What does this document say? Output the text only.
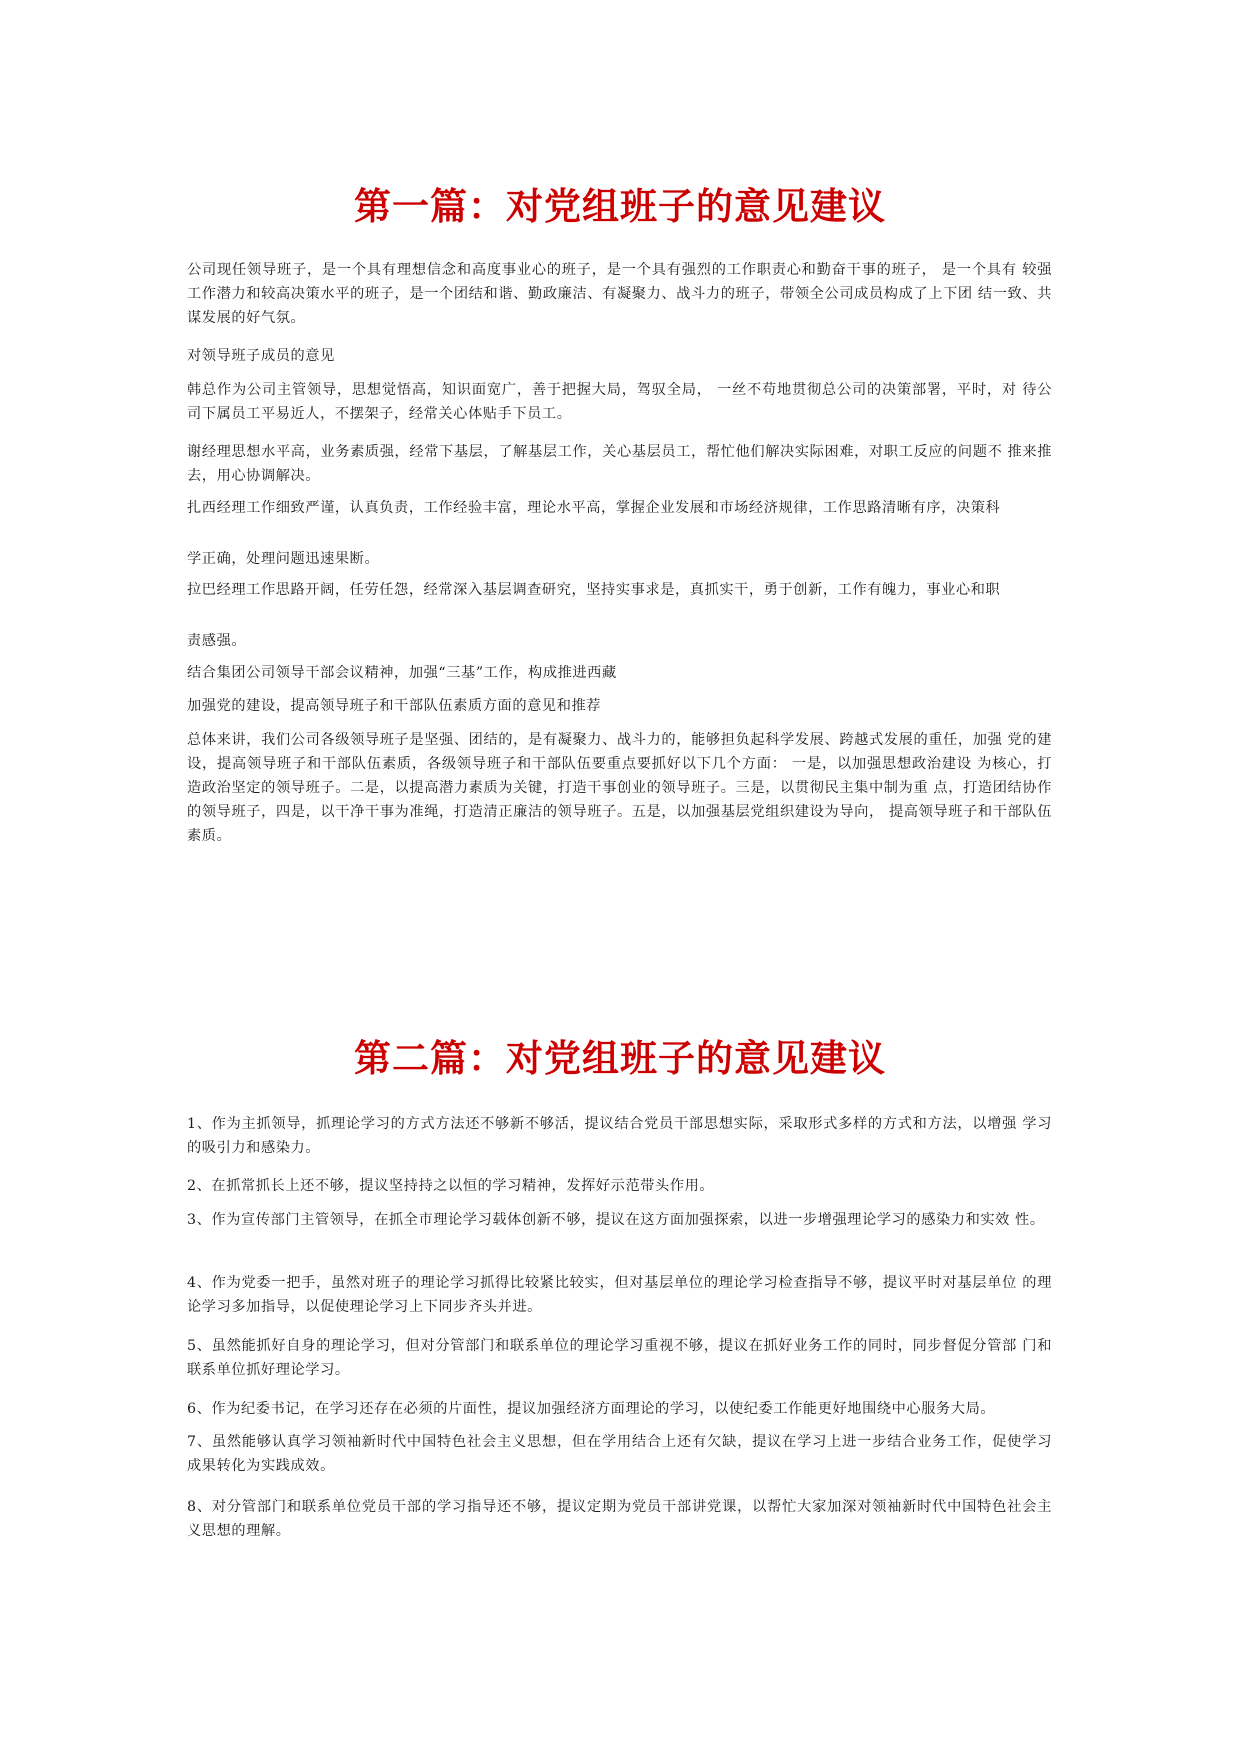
第一篇：对党组班子的意见建议

公司现任领导班子，是一个具有理想信念和高度事业心的班子，是一个具有强烈的工作职责心和勤奋干事的班子， 是一个具有 较强工作潜力和较高决策水平的班子，是一个团结和谐、勤政廉洁、有凝聚力、战斗力的班子，带领全公司成员构成了上下团 结一致、共谋发展的好气氛。

对领导班子成员的意见

韩总作为公司主管领导，思想觉悟高，知识面宽广，善于把握大局，驾驭全局， 一丝不苟地贯彻总公司的决策部署，平时，对 待公司下属员工平易近人，不摆架子，经常关心体贴手下员工。

谢经理思想水平高，业务素质强，经常下基层，了解基层工作，关心基层员工，帮忙他们解决实际困难，对职工反应的问题不 推来推去，用心协调解决。

扎西经理工作细致严谨，认真负责，工作经验丰富，理论水平高，掌握企业发展和市场经济规律，工作思路清晰有序，决策科

学正确，处理问题迅速果断。

拉巴经理工作思路开阔，任劳任怨，经常深入基层调查研究，坚持实事求是，真抓实干，勇于创新，工作有魄力，事业心和职

责感强。

结合集团公司领导干部会议精神，加强“三基”工作，构成推进西藏

加强党的建设，提高领导班子和干部队伍素质方面的意见和推荐

总体来讲，我们公司各级领导班子是坚强、团结的，是有凝聚力、战斗力的，能够担负起科学发展、跨越式发展的重任，加强 党的建设，提高领导班子和干部队伍素质，各级领导班子和干部队伍要重点要抓好以下几个方面： 一是，以加强思想政治建设 为核心，打造政治坚定的领导班子。二是，以提高潜力素质为关键，打造干事创业的领导班子。三是，以贯彻民主集中制为重 点，打造团结协作的领导班子，四是，以干净干事为准绳，打造清正廉洁的领导班子。五是，以加强基层党组织建设为导向， 提高领导班子和干部队伍素质。

第二篇：对党组班子的意见建议

1、作为主抓领导，抓理论学习的方式方法还不够新不够活，提议结合党员干部思想实际，采取形式多样的方式和方法，以增强 学习的吸引力和感染力。

2、在抓常抓长上还不够，提议坚持持之以恒的学习精神，发挥好示范带头作用。

3、作为宣传部门主管领导，在抓全市理论学习载体创新不够，提议在这方面加强探索，以进一步增强理论学习的感染力和实效 性。

4、作为党委一把手，虽然对班子的理论学习抓得比较紧比较实，但对基层单位的理论学习检查指导不够，提议平时对基层单位 的理论学习多加指导，以促使理论学习上下同步齐头并进。

5、虽然能抓好自身的理论学习，但对分管部门和联系单位的理论学习重视不够，提议在抓好业务工作的同时，同步督促分管部 门和联系单位抓好理论学习。

6、作为纪委书记，在学习还存在必须的片面性，提议加强经济方面理论的学习，以使纪委工作能更好地围绕中心服务大局。

7、虽然能够认真学习领袖新时代中国特色社会主义思想，但在学用结合上还有欠缺，提议在学习上进一步结合业务工作，促使学习成果转化为实践成效。

8、对分管部门和联系单位党员干部的学习指导还不够，提议定期为党员干部讲党课，以帮忙大家加深对领袖新时代中国特色社会主义思想的理解。
